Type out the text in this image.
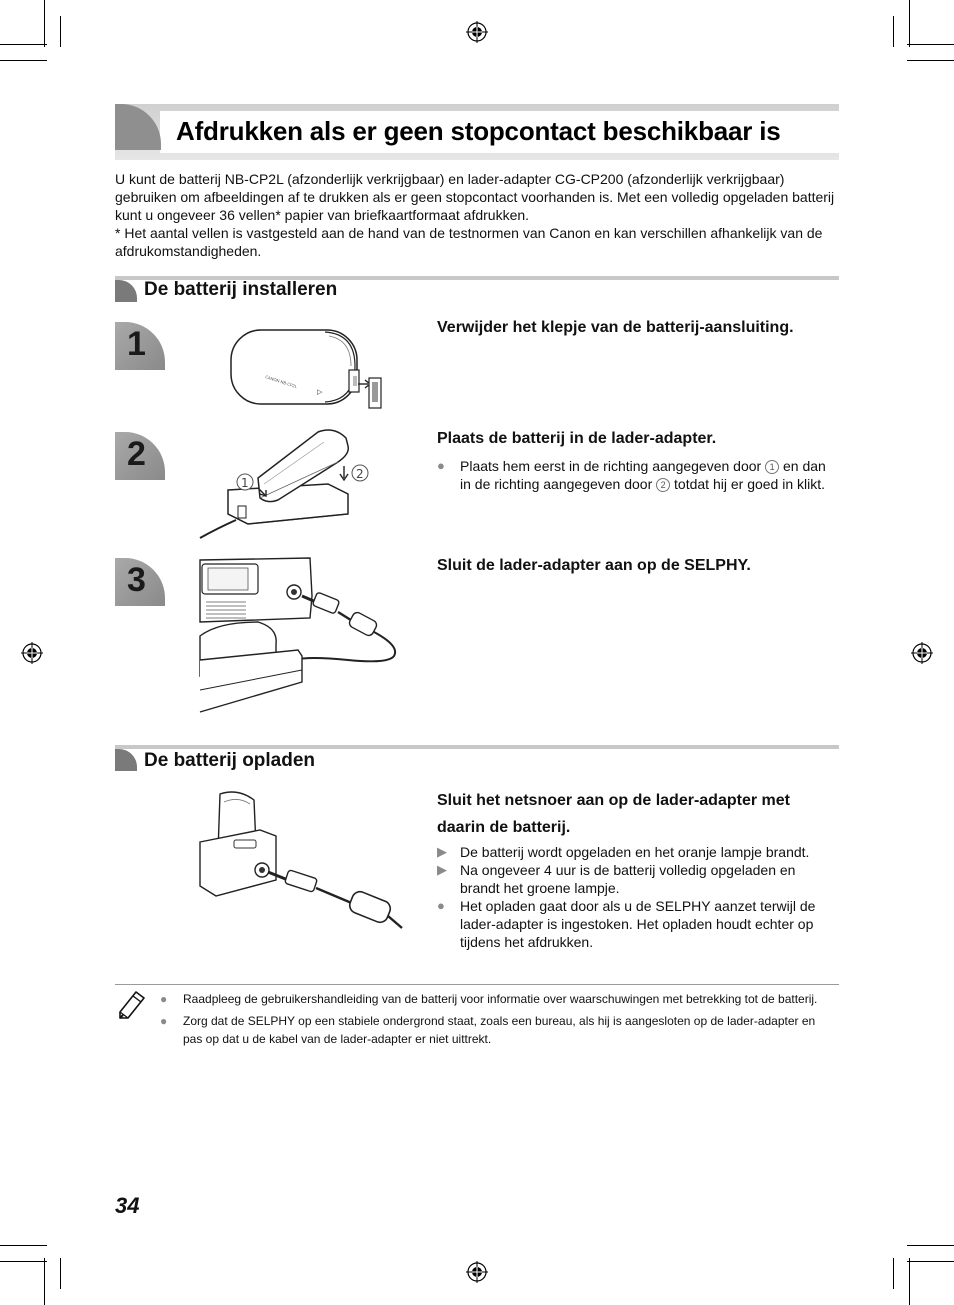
Afdrukken als er geen stopcontact beschikbaar is

U kunt de batterij NB-CP2L (afzonderlijk verkrijgbaar) en lader-adapter CG-CP200 (afzonderlijk verkrijgbaar) gebruiken om afbeeldingen af te drukken als er geen stopcontact voorhanden is. Met een volledig opgeladen batterij kunt u ongeveer 36 vellen* papier van briefkaartformaat afdrukken.

* Het aantal vellen is vastgesteld aan de hand van de testnormen van Canon en kan verschillen afhankelijk van de afdrukomstandigheden.

De batterij installeren
1
CANON NB-CP2L
▷
Verwijder het klepje van de batterij-aansluiting.
2
1
2
Plaats de batterij in de lader-adapter.

● Plaats hem eerst in de richting aangegeven door 1 en dan in de richting aangegeven door 2 totdat hij er goed in klikt.

3	Sluit de lader-adapter aan op de SELPHY.
De batterij opladen
Sluit het netsnoer aan op de lader-adapter met daarin de batterij.

▶ De batterij wordt opgeladen en het oranje lampje brandt.

▶ Na ongeveer 4 uur is de batterij volledig opgeladen en brandt het groene lampje.

● Het opladen gaat door als u de SELPHY aanzet terwijl de lader-adapter is ingestoken. Het opladen houdt echter op tijdens het afdrukken.

● Raadpleeg de gebruikershandleiding van de batterij voor informatie over waarschuwingen met betrekking tot de batterij.

● Zorg dat de SELPHY op een stabiele ondergrond staat, zoals een bureau, als hij is aangesloten op de lader-adapter en pas op dat u de kabel van de lader-adapter er niet uittrekt.

34
